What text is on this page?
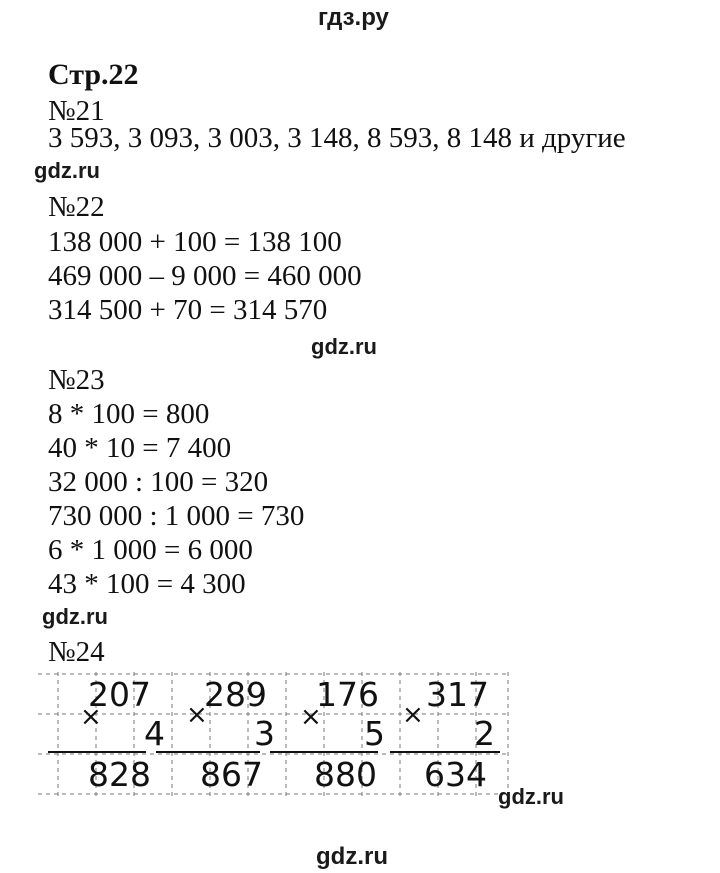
гдз.ру
Стр.22
№21
3 593, 3 093, 3 003, 3 148, 8 593, 8 148 и другие
gdz.ru
№22
138 000 + 100 = 138 100
469 000 – 9 000 = 460 000
314 500 + 70 = 314 570
gdz.ru
№23
8 * 100 = 800
40 * 10 = 7 400
32 000 : 100 = 320
730 000 : 1 000 = 730
6 * 1 000 = 6 000
43 * 100 = 4 300
gdz.ru
№24
207
× 4
828
289
× 3
867
176
× 5
880
317
× 2
634
gdz.ru
gdz.ru
